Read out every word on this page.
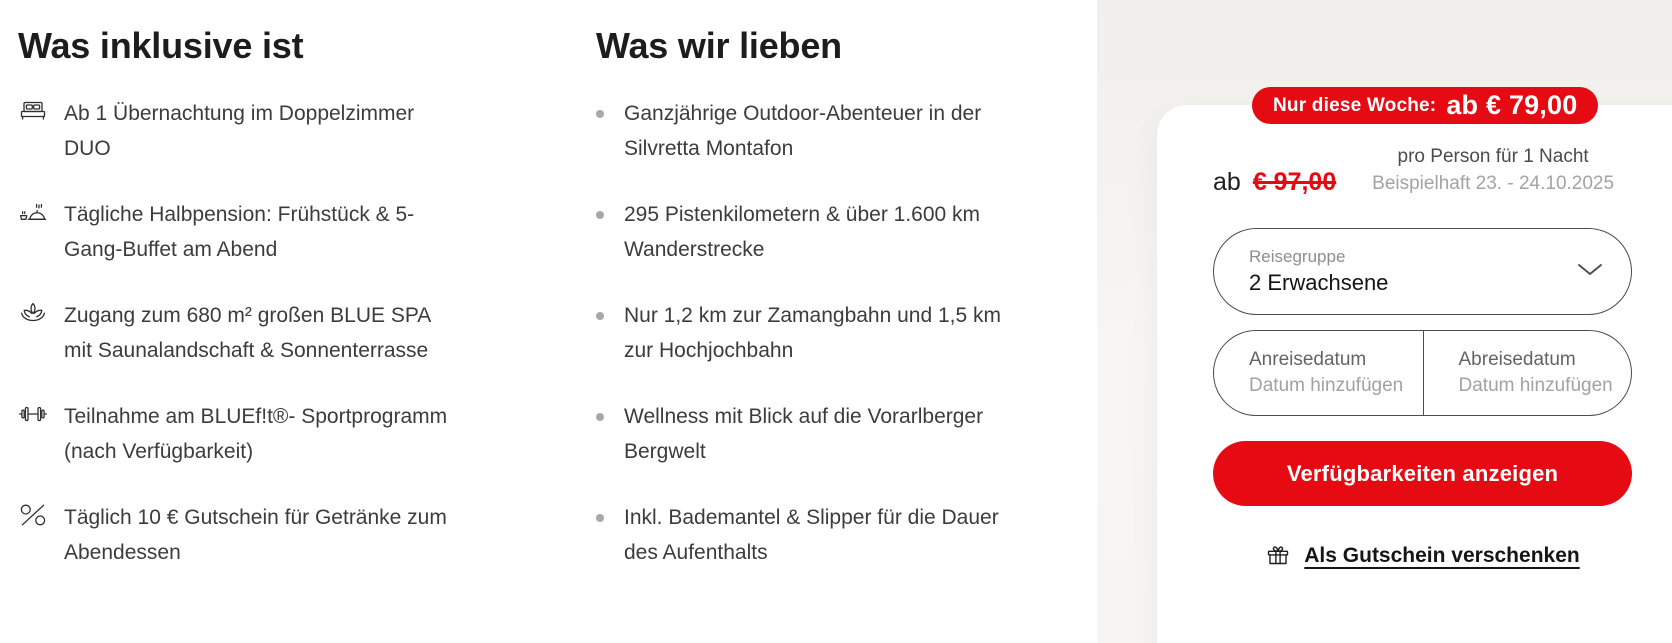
Was inklusive ist
Ab 1 Übernachtung im Doppelzimmer DUO
Tägliche Halbpension: Frühstück & 5-Gang-Buffet am Abend
Zugang zum 680 m² großen BLUE SPA mit Saunalandschaft & Sonnenterrasse
Teilnahme am BLUEf!t®- Sportprogramm (nach Verfügbarkeit)
Täglich 10 € Gutschein für Getränke zum Abendessen
Was wir lieben
Ganzjährige Outdoor-Abenteuer in der Silvretta Montafon
295 Pistenkilometern & über 1.600 km Wanderstrecke
Nur 1,2 km zur Zamangbahn und 1,5 km zur Hochjochbahn
Wellness mit Blick auf die Vorarlberger Bergwelt
Inkl. Bademantel & Slipper für die Dauer des Aufenthalts
Nur diese Woche: ab € 79,00
ab € 97,00
pro Person für 1 Nacht
Beispielhaft 23. - 24.10.2025
Reisegruppe
2 Erwachsene
Anreisedatum
Datum hinzufügen
Abreisedatum
Datum hinzufügen
Verfügbarkeiten anzeigen
Als Gutschein verschenken
